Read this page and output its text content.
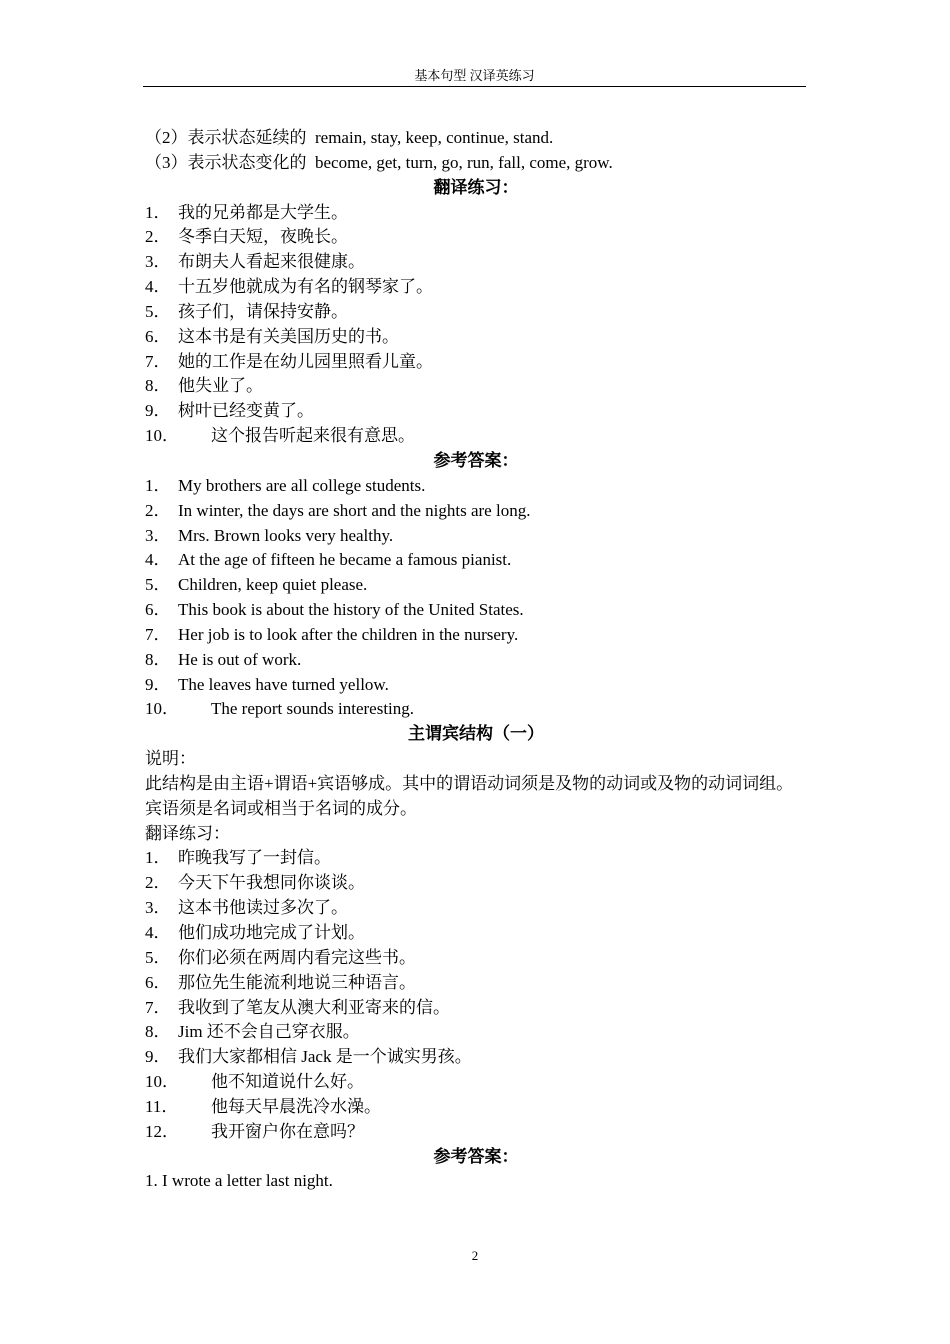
基本句型 汉译英练习
（2）表示状态延续的  remain, stay, keep, continue, stand.
（3）表示状态变化的  become, get, turn, go, run, fall, come, grow.
翻译练习：
1． 我的兄弟都是大学生。
2． 冬季白天短，夜晚长。
3． 布朗夫人看起来很健康。
4． 十五岁他就成为有名的钢琴家了。
5． 孩子们，请保持安静。
6． 这本书是有关美国历史的书。
7． 她的工作是在幼儿园里照看儿童。
8． 他失业了。
9． 树叶已经变黄了。
10． 这个报告听起来很有意思。
参考答案：
1． My brothers are all college students.
2． In winter, the days are short and the nights are long.
3． Mrs. Brown looks very healthy.
4． At the age of fifteen he became a famous pianist.
5． Children, keep quiet please.
6． This book is about the history of the United States.
7． Her job is to look after the children in the nursery.
8． He is out of work.
9． The leaves have turned yellow.
10． The report sounds interesting.
主谓宾结构（一）
说明：
此结构是由主语+谓语+宾语够成。其中的谓语动词须是及物的动词或及物的动词词组。
宾语须是名词或相当于名词的成分。
翻译练习：
1． 昨晚我写了一封信。
2． 今天下午我想同你谈谈。
3． 这本书他读过多次了。
4． 他们成功地完成了计划。
5． 你们必须在两周内看完这些书。
6． 那位先生能流利地说三种语言。
7． 我收到了笔友从澳大利亚寄来的信。
8． Jim 还不会自己穿衣服。
9． 我们大家都相信 Jack 是一个诚实男孩。
10． 他不知道说什么好。
11． 他每天早晨洗冷水澡。
12． 我开窗户你在意吗？
参考答案：
1. I wrote a letter last night.
2
